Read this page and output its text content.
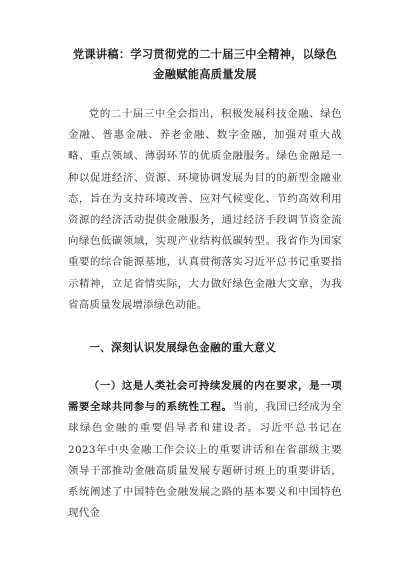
党课讲稿：学习贯彻党的二十届三中全精神，以绿色金融赋能高质量发展

党的二十届三中全会指出，积极发展科技金融、绿色金融、普惠金融、养老金融、数字金融，加强对重大战略、重点领域、薄弱环节的优质金融服务。绿色金融是一种以促进经济、资源、环境协调发展为目的的新型金融业态，旨在为支持环境改善、应对气候变化、节约高效利用资源的经济活动提供金融服务，通过经济手段调节资金流向绿色低碳领域，实现产业结构低碳转型。我省作为国家重要的综合能源基地，认真贯彻落实习近平总书记重要指示精神，立足省情实际，大力做好绿色金融大文章，为我省高质量发展增添绿色动能。

一、深刻认识发展绿色金融的重大意义

（一）这是人类社会可持续发展的内在要求，是一项需要全球共同参与的系统性工程。当前，我国已经成为全球绿色金融的重要倡导者和建设者。习近平总书记在2023年中央金融工作会议上的重要讲话和在省部级主要领导干部推动金融高质量发展专题研讨班上的重要讲话，系统阐述了中国特色金融发展之路的基本要义和中国特色现代金
